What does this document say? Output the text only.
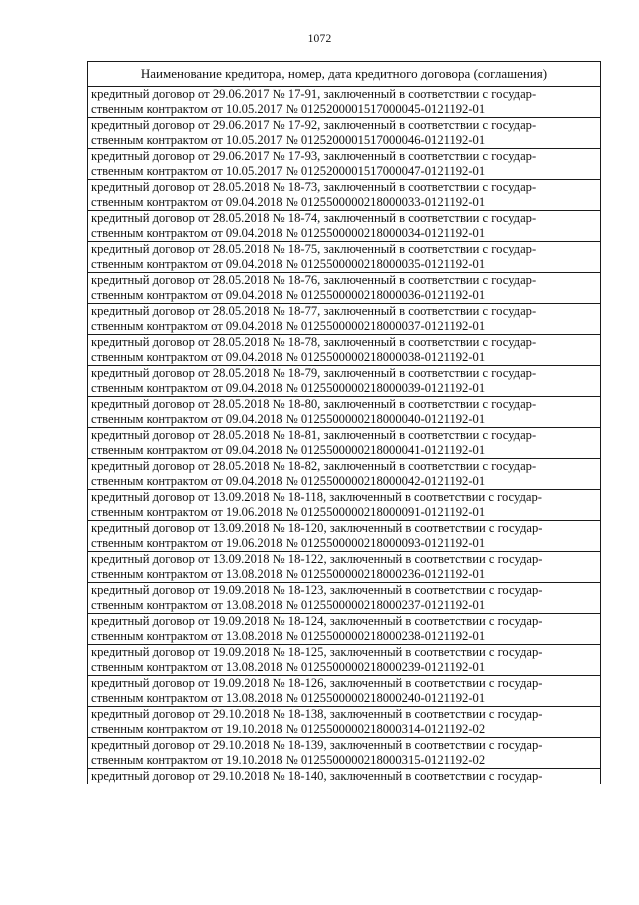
1072
Наименование кредитора, номер, дата кредитного договора (соглашения)

кредитный договор от 29.06.2017 № 17-91, заключенный в соответствии с государ-
ственным контрактом от 10.05.2017 № 0125200001517000045-0121192-01

кредитный договор от 29.06.2017 № 17-92, заключенный в соответствии с государ-
ственным контрактом от 10.05.2017 № 0125200001517000046-0121192-01

кредитный договор от 29.06.2017 № 17-93, заключенный в соответствии с государ-
ственным контрактом от 10.05.2017 № 0125200001517000047-0121192-01

кредитный договор от 28.05.2018 № 18-73, заключенный в соответствии с государ-
ственным контрактом от 09.04.2018 № 0125500000218000033-0121192-01

кредитный договор от 28.05.2018 № 18-74, заключенный в соответствии с государ-
ственным контрактом от 09.04.2018 № 0125500000218000034-0121192-01

кредитный договор от 28.05.2018 № 18-75, заключенный в соответствии с государ-
ственным контрактом от 09.04.2018 № 0125500000218000035-0121192-01

кредитный договор от 28.05.2018 № 18-76, заключенный в соответствии с государ-
ственным контрактом от 09.04.2018 № 0125500000218000036-0121192-01

кредитный договор от 28.05.2018 № 18-77, заключенный в соответствии с государ-
ственным контрактом от 09.04.2018 № 0125500000218000037-0121192-01

кредитный договор от 28.05.2018 № 18-78, заключенный в соответствии с государ-
ственным контрактом от 09.04.2018 № 0125500000218000038-0121192-01

кредитный договор от 28.05.2018 № 18-79, заключенный в соответствии с государ-
ственным контрактом от 09.04.2018 № 0125500000218000039-0121192-01

кредитный договор от 28.05.2018 № 18-80, заключенный в соответствии с государ-
ственным контрактом от 09.04.2018 № 0125500000218000040-0121192-01

кредитный договор от 28.05.2018 № 18-81, заключенный в соответствии с государ-
ственным контрактом от 09.04.2018 № 0125500000218000041-0121192-01

кредитный договор от 28.05.2018 № 18-82, заключенный в соответствии с государ-
ственным контрактом от 09.04.2018 № 0125500000218000042-0121192-01

кредитный договор от 13.09.2018 № 18-118, заключенный в соответствии с государ-
ственным контрактом от 19.06.2018 № 0125500000218000091-0121192-01

кредитный договор от 13.09.2018 № 18-120, заключенный в соответствии с государ-
ственным контрактом от 19.06.2018 № 0125500000218000093-0121192-01

кредитный договор от 13.09.2018 № 18-122, заключенный в соответствии с государ-
ственным контрактом от 13.08.2018 № 0125500000218000236-0121192-01

кредитный договор от 19.09.2018 № 18-123, заключенный в соответствии с государ-
ственным контрактом от 13.08.2018 № 0125500000218000237-0121192-01

кредитный договор от 19.09.2018 № 18-124, заключенный в соответствии с государ-
ственным контрактом от 13.08.2018 № 0125500000218000238-0121192-01

кредитный договор от 19.09.2018 № 18-125, заключенный в соответствии с государ-
ственным контрактом от 13.08.2018 № 0125500000218000239-0121192-01

кредитный договор от 19.09.2018 № 18-126, заключенный в соответствии с государ-
ственным контрактом от 13.08.2018 № 0125500000218000240-0121192-01

кредитный договор от 29.10.2018 № 18-138, заключенный в соответствии с государ-
ственным контрактом от 19.10.2018 № 0125500000218000314-0121192-02

кредитный договор от 29.10.2018 № 18-139, заключенный в соответствии с государ-
ственным контрактом от 19.10.2018 № 0125500000218000315-0121192-02

кредитный договор от 29.10.2018 № 18-140, заключенный в соответствии с государ-
